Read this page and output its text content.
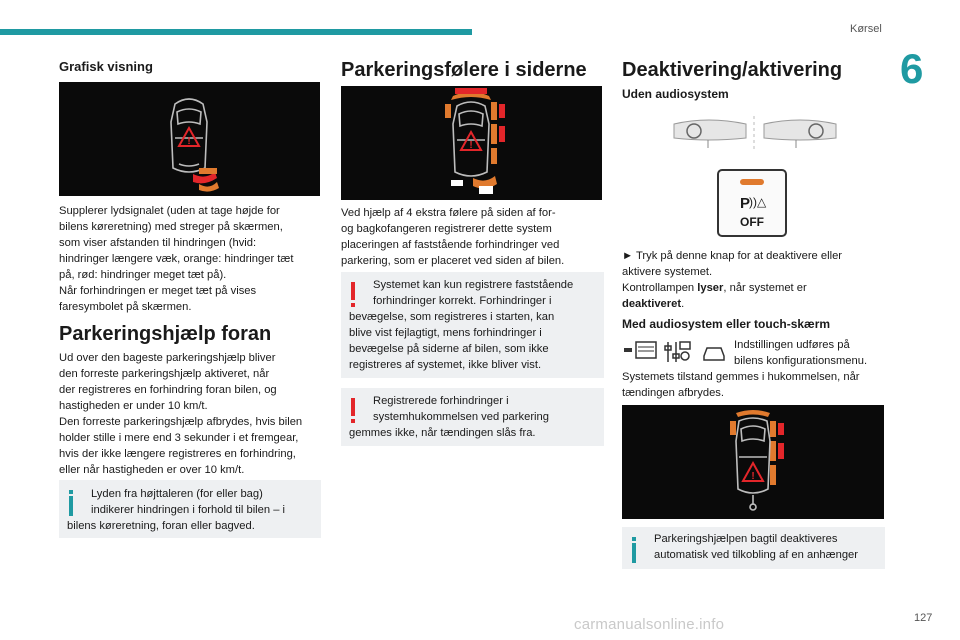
Kørsel
6
Grafisk visning
!

Supplerer lydsignalet (uden at tage højde for
bilens køreretning) med streger på skærmen,
som viser afstanden til hindringen (hvid:
hindringer længere væk, orange: hindringer tæt
på, rød: hindringer meget tæt på).
Når forhindringen er meget tæt på vises
faresymbolet på skærmen.

Parkeringshjælp foran

Ud over den bageste parkeringshjælp bliver
den forreste parkeringshjælp aktiveret, når
der registreres en forhindring foran bilen, og
hastigheden er under 10 km/t.
Den forreste parkeringshjælp afbrydes, hvis bilen
holder stille i mere end 3 sekunder i et fremgear,
hvis der ikke længere registreres en forhindring,
eller når hastigheden er over 10 km/t.

Lyden fra højttaleren (for eller bag)
indikerer hindringen i forhold til bilen – i
bilens køreretning, foran eller bagved.
Parkeringsfølere i siderne
!

Ved hjælp af 4 ekstra følere på siden af for-
og bagkofangeren registrerer dette system
placeringen af faststående forhindringer ved
parkering, som er placeret ved siden af bilen.

Systemet kan kun registrere faststående
forhindringer korrekt. Forhindringer i
bevægelse, som registreres i starten, kan
blive vist fejlagtigt, mens forhindringer i
bevægelse på siderne af bilen, som ikke
registreres af systemet, ikke bliver vist.
Registrerede forhindringer i
systemhukommelsen ved parkering
gemmes ikke, når tændingen slås fra.
Deaktivering/aktivering
Uden audiosystem
P
))△
OFF

► Tryk på denne knap for at deaktivere eller
aktivere systemet.
Kontrollampen lyser, når systemet er
deaktiveret.

Med audiosystem eller touch-skærm

Indstillingen udføres på
bilens konfigurationsmenu.

Systemets tilstand gemmes i hukommelsen, når
tændingen afbrydes.

!
Parkeringshjælpen bagtil deaktiveres
automatisk ved tilkobling af en anhænger
carmanualsonline.info	127
